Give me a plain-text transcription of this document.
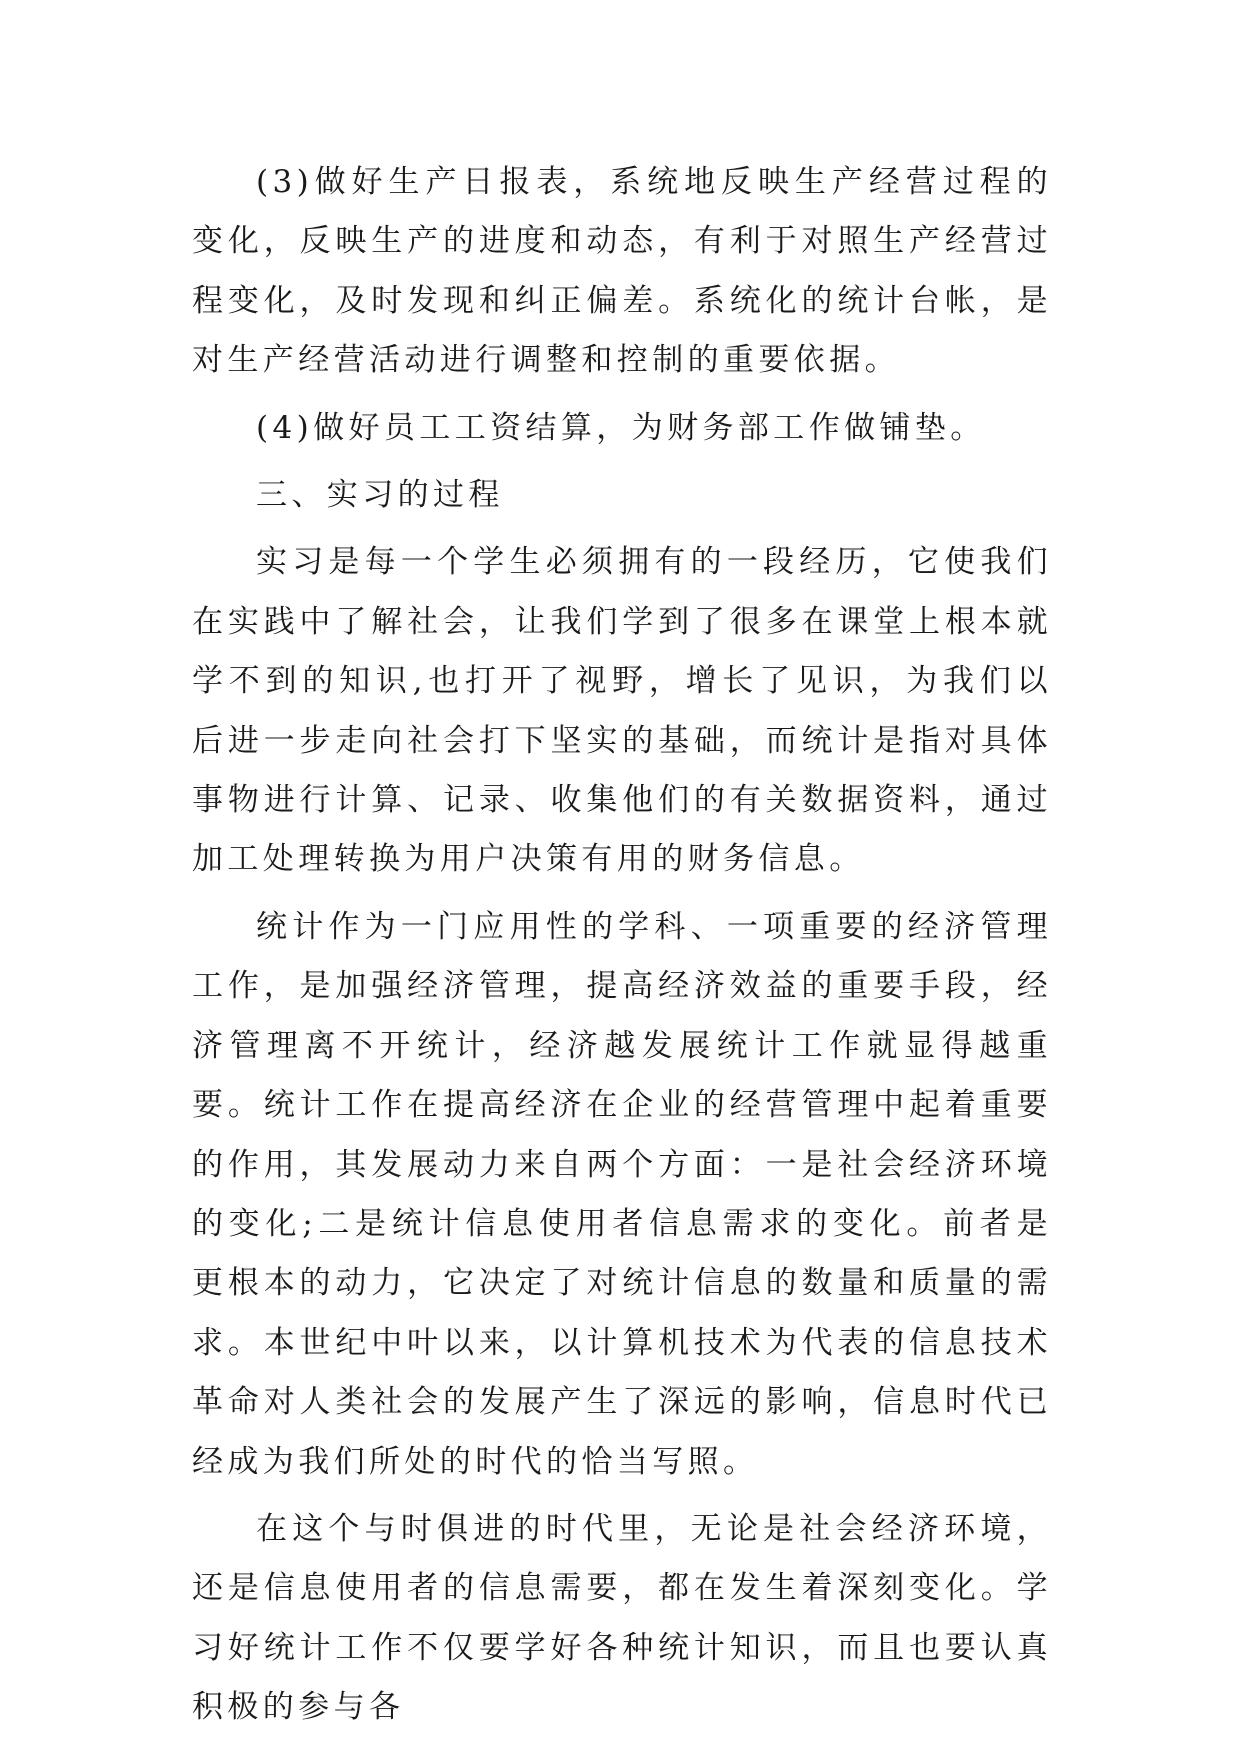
(3)做好生产日报表，系统地反映生产经营过程的变化，反映生产的进度和动态，有利于对照生产经营过程变化，及时发现和纠正偏差。系统化的统计台帐，是对生产经营活动进行调整和控制的重要依据。

(4)做好员工工资结算，为财务部工作做铺垫。

三、实习的过程

实习是每一个学生必须拥有的一段经历，它使我们在实践中了解社会，让我们学到了很多在课堂上根本就学不到的知识,也打开了视野，增长了见识，为我们以后进一步走向社会打下坚实的基础，而统计是指对具体事物进行计算、记录、收集他们的有关数据资料，通过加工处理转换为用户决策有用的财务信息。

统计作为一门应用性的学科、一项重要的经济管理工作，是加强经济管理，提高经济效益的重要手段，经济管理离不开统计，经济越发展统计工作就显得越重要。统计工作在提高经济在企业的经营管理中起着重要的作用，其发展动力来自两个方面：一是社会经济环境的变化;二是统计信息使用者信息需求的变化。前者是更根本的动力，它决定了对统计信息的数量和质量的需求。本世纪中叶以来，以计算机技术为代表的信息技术革命对人类社会的发展产生了深远的影响，信息时代已经成为我们所处的时代的恰当写照。

在这个与时俱进的时代里，无论是社会经济环境，还是信息使用者的信息需要，都在发生着深刻变化。学习好统计工作不仅要学好各种统计知识，而且也要认真积极的参与各
